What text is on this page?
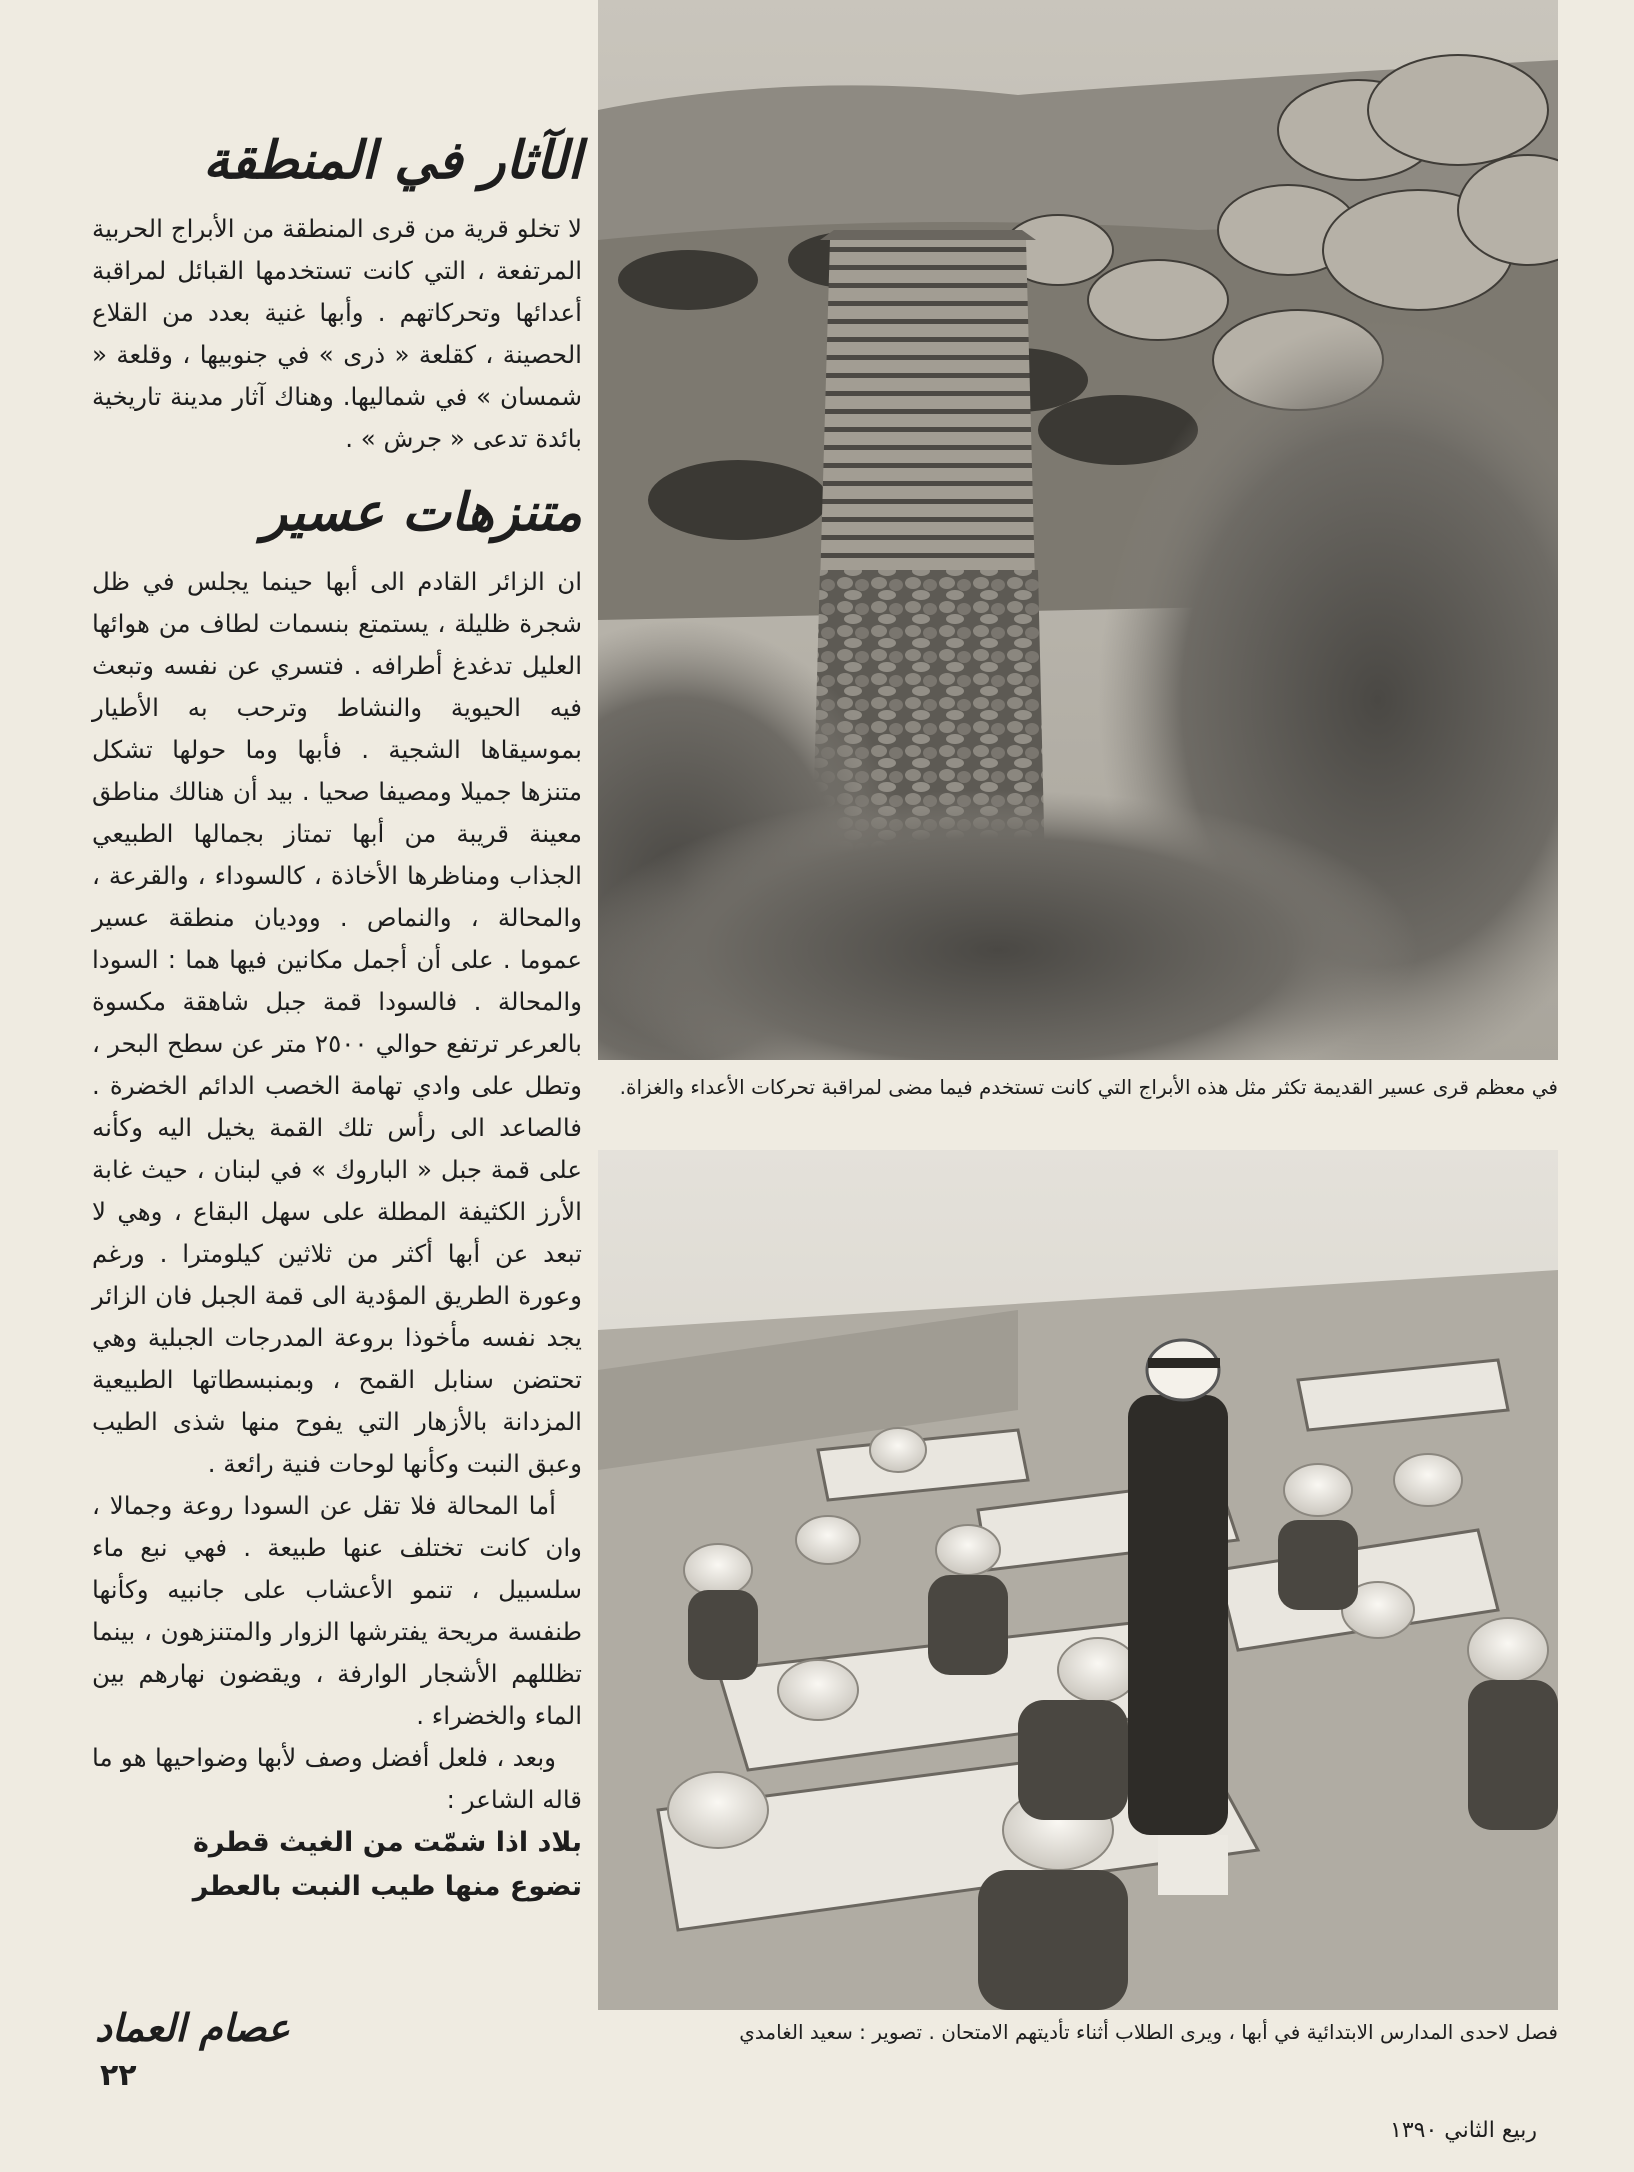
الآثار في المنطقة

لا تخلو قرية من قرى المنطقة من الأبراج الحربية المرتفعة ، التي كانت تستخدمها القبائل لمراقبة أعدائها وتحركاتهم . وأبها غنية بعدد من القلاع الحصينة ، كقلعة « ذرى » في جنوبيها ، وقلعة « شمسان » في شماليها. وهناك آثار مدينة تاريخية بائدة تدعى « جرش » .

متنزهات عسير

ان الزائر القادم الى أبها حينما يجلس في ظل شجرة ظليلة ، يستمتع بنسمات لطاف من هوائها العليل تدغدغ أطرافه . فتسري عن نفسه وتبعث فيه الحيوية والنشاط وترحب به الأطيار بموسيقاها الشجية . فأبها وما حولها تشكل متنزها جميلا ومصيفا صحيا . بيد أن هنالك مناطق معينة قريبة من أبها تمتاز بجمالها الطبيعي الجذاب ومناظرها الأخاذة ، كالسوداء ، والقرعة ، والمحالة ، والنماص . ووديان منطقة عسير عموما . على أن أجمل مكانين فيها هما : السودا والمحالة . فالسودا قمة جبل شاهقة مكسوة بالعرعر ترتفع حوالي ٢٥٠٠ متر عن سطح البحر ، وتطل على وادي تهامة الخصب الدائم الخضرة . فالصاعد الى رأس تلك القمة يخيل اليه وكأنه على قمة جبل « الباروك » في لبنان ، حيث غابة الأرز الكثيفة المطلة على سهل البقاع ، وهي لا تبعد عن أبها أكثر من ثلاثين كيلومترا . ورغم وعورة الطريق المؤدية الى قمة الجبل فان الزائر يجد نفسه مأخوذا بروعة المدرجات الجبلية وهي تحتضن سنابل القمح ، وبمنبسطاتها الطبيعية المزدانة بالأزهار التي يفوح منها شذى الطيب وعبق النبت وكأنها لوحات فنية رائعة .

أما المحالة فلا تقل عن السودا روعة وجمالا ، وان كانت تختلف عنها طبيعة . فهي نبع ماء سلسبيل ، تنمو الأعشاب على جانبيه وكأنها طنفسة مريحة يفترشها الزوار والمتنزهون ، بينما تظللهم الأشجار الوارفة ، ويقضون نهارهم بين الماء والخضراء .

وبعد ، فلعل أفضل وصف لأبها وضواحيها هو ما قاله الشاعر :

بلاد اذا شمّت من الغيث قطرة

تضوع منها طيب النبت بالعطر

عصام العماد
٢٢
في معظم قرى عسير القديمة تكثر مثل هذه الأبراج التي كانت تستخدم فيما مضى لمراقبة تحركات الأعداء والغزاة.
فصل لاحدى المدارس الابتدائية في أبها ، ويرى الطلاب أثناء تأديتهم الامتحان . تصوير : سعيد الغامدي
ربيع الثاني ١٣٩٠
